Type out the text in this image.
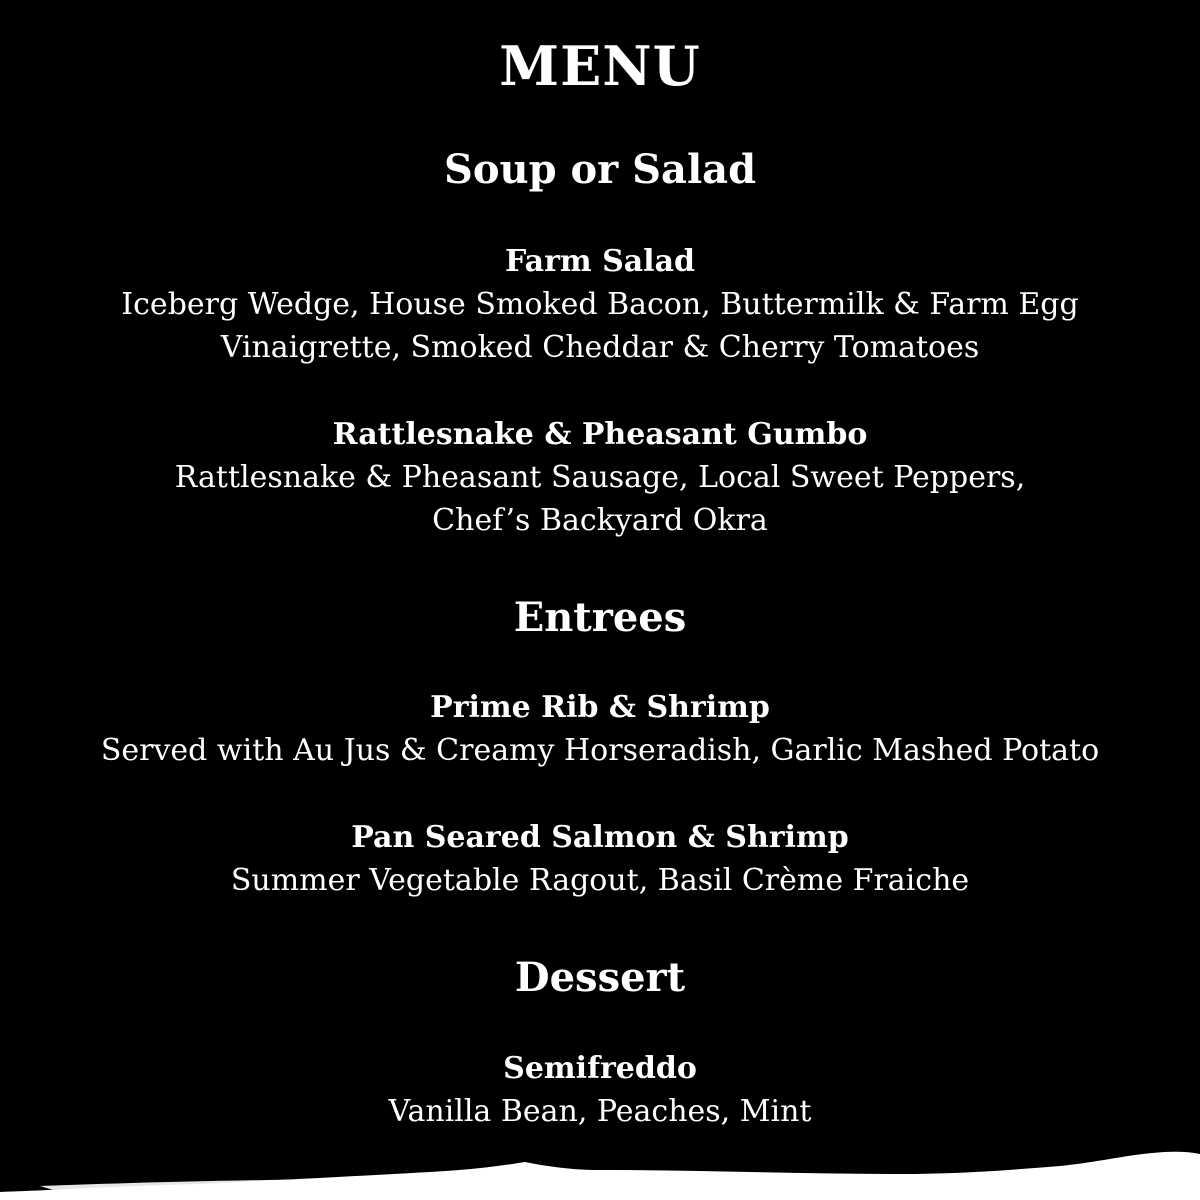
MENU
Soup or Salad
Farm Salad
Iceberg Wedge, House Smoked Bacon, Buttermilk & Farm Egg
Vinaigrette, Smoked Cheddar & Cherry Tomatoes
Rattlesnake & Pheasant Gumbo
Rattlesnake & Pheasant Sausage, Local Sweet Peppers,
Chef’s Backyard Okra
Entrees
Prime Rib & Shrimp
Served with Au Jus & Creamy Horseradish, Garlic Mashed Potato
Pan Seared Salmon & Shrimp
Summer Vegetable Ragout, Basil Crème Fraiche
Dessert
Semifreddo
Vanilla Bean, Peaches, Mint
